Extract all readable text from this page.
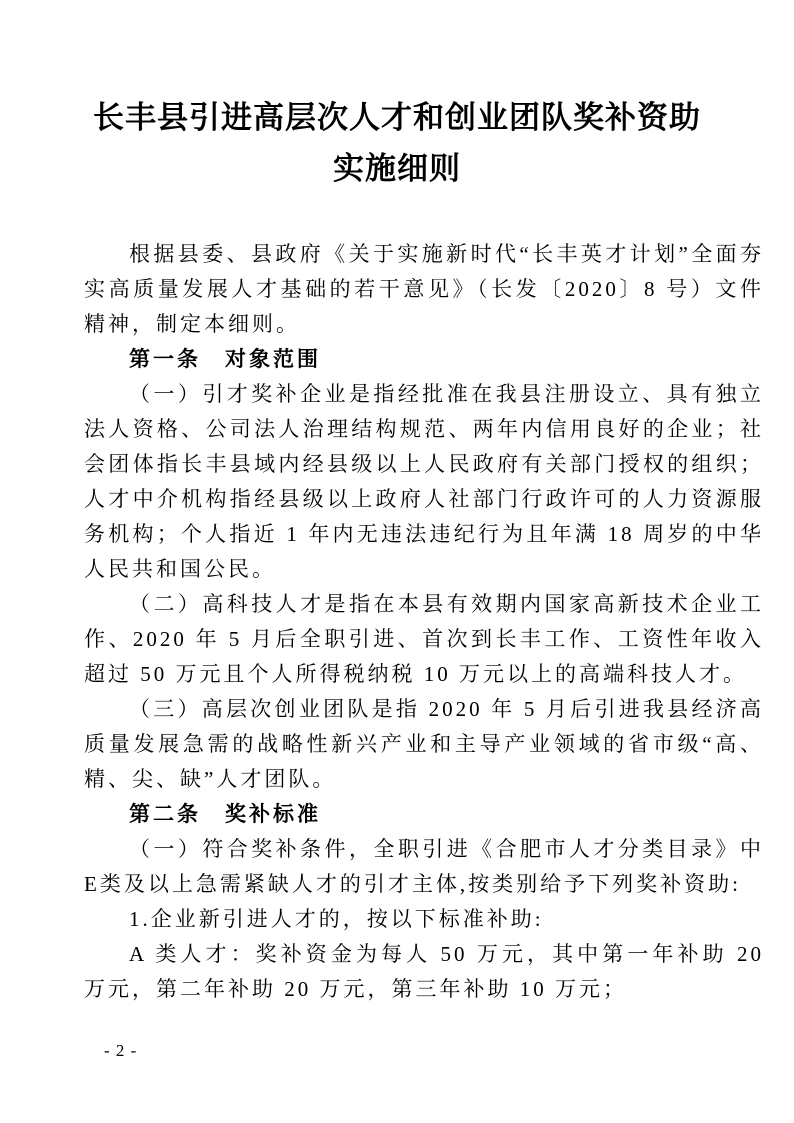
长丰县引进高层次人才和创业团队奖补资助
实施细则

根据县委、县政府《关于实施新时代“长丰英才计划”全面夯实高质量发展人才基础的若干意见》（长发〔2020〕8 号）文件精神，制定本细则。

第一条　对象范围

（一）引才奖补企业是指经批准在我县注册设立、具有独立法人资格、公司法人治理结构规范、两年内信用良好的企业；社会团体指长丰县域内经县级以上人民政府有关部门授权的组织；人才中介机构指经县级以上政府人社部门行政许可的人力资源服务机构；个人指近 1 年内无违法违纪行为且年满 18 周岁的中华人民共和国公民。

（二）高科技人才是指在本县有效期内国家高新技术企业工作、2020 年 5 月后全职引进、首次到长丰工作、工资性年收入超过 50 万元且个人所得税纳税 10 万元以上的高端科技人才。

（三）高层次创业团队是指 2020 年 5 月后引进我县经济高质量发展急需的战略性新兴产业和主导产业领域的省市级“高、精、尖、缺”人才团队。

第二条　奖补标准

（一）符合奖补条件，全职引进《合肥市人才分类目录》中E类及以上急需紧缺人才的引才主体,按类别给予下列奖补资助:

1.企业新引进人才的，按以下标准补助:

A 类人才：奖补资金为每人 50 万元，其中第一年补助 20 万元，第二年补助 20 万元，第三年补助 10 万元；

- 2 -
